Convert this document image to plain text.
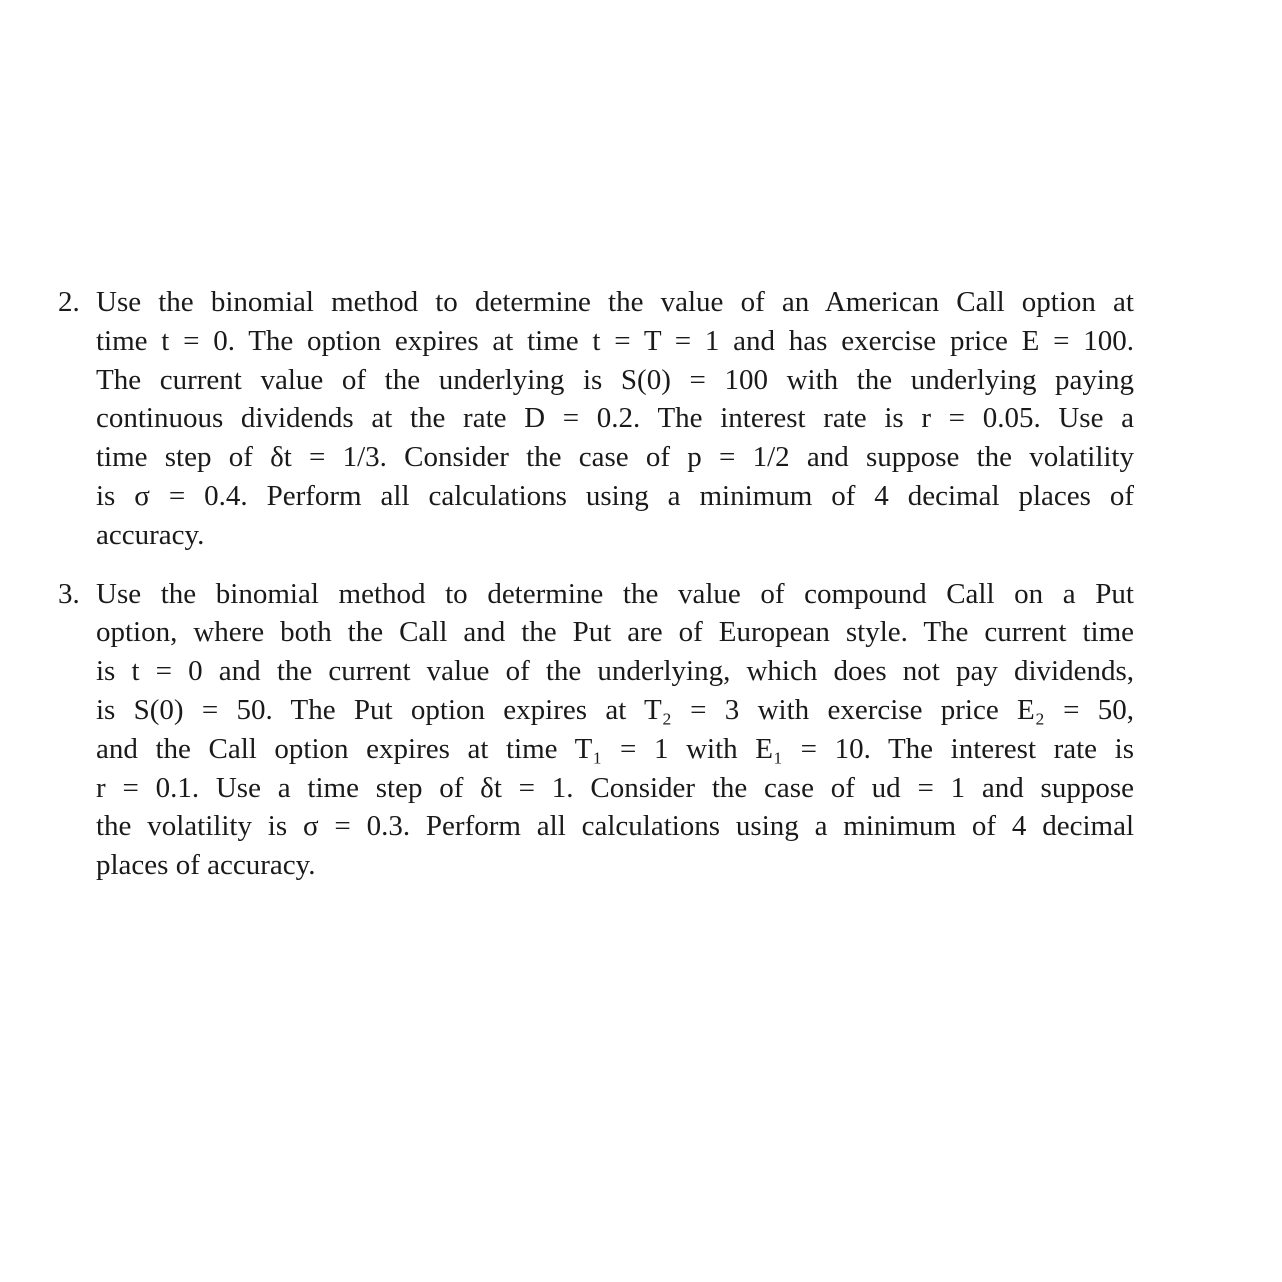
2. Use the binomial method to determine the value of an American Call option at
time t = 0. The option expires at time t = T = 1 and has exercise price E = 100.
The current value of the underlying is S(0) = 100 with the underlying paying
continuous dividends at the rate D = 0.2. The interest rate is r = 0.05. Use a
time step of δt = 1/3. Consider the case of p = 1/2 and suppose the volatility
is σ = 0.4. Perform all calculations using a minimum of 4 decimal places of
accuracy.
3. Use the binomial method to determine the value of compound Call on a Put
option, where both the Call and the Put are of European style. The current time
is t = 0 and the current value of the underlying, which does not pay dividends,
is S(0) = 50. The Put option expires at T₂ = 3 with exercise price E₂ = 50,
and the Call option expires at time T₁ = 1 with E₁ = 10. The interest rate is
r = 0.1. Use a time step of δt = 1. Consider the case of ud = 1 and suppose
the volatility is σ = 0.3. Perform all calculations using a minimum of 4 decimal
places of accuracy.
